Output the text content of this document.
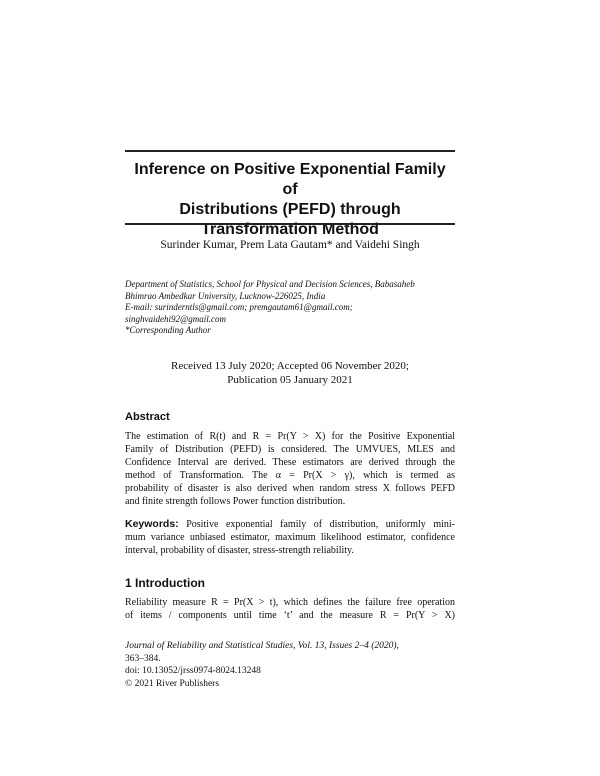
Inference on Positive Exponential Family of
Distributions (PEFD) through
Transformation Method
Surinder Kumar, Prem Lata Gautam* and Vaidehi Singh
Department of Statistics, School for Physical and Decision Sciences, Babasaheb
Bhimrao Ambedkar University, Lucknow-226025, India
E-mail: surinderntls@gmail.com; premgautam61@gmail.com;
singhvaidehi92@gmail.com
*Corresponding Author
Received 13 July 2020; Accepted 06 November 2020;
Publication 05 January 2021
Abstract
The estimation of R(t) and R = Pr(Y > X) for the Positive Exponential
Family of Distribution (PEFD) is considered. The UMVUES, MLES and
Confidence Interval are derived. These estimators are derived through the
method of Transformation. The α = Pr(X > γ), which is termed as
probability of disaster is also derived when random stress X follows PEFD
and finite strength follows Power function distribution.
Keywords: Positive exponential family of distribution, uniformly mini-
mum variance unbiased estimator, maximum likelihood estimator, confidence
interval, probability of disaster, stress-strength reliability.
1 Introduction
Reliability measure R = Pr(X > t), which defines the failure free operation
of items / components until time ‘t’ and the measure R = Pr(Y > X)
Journal of Reliability and Statistical Studies, Vol. 13, Issues 2–4 (2020),
363–384.
doi: 10.13052/jrss0974-8024.13248
© 2021 River Publishers
